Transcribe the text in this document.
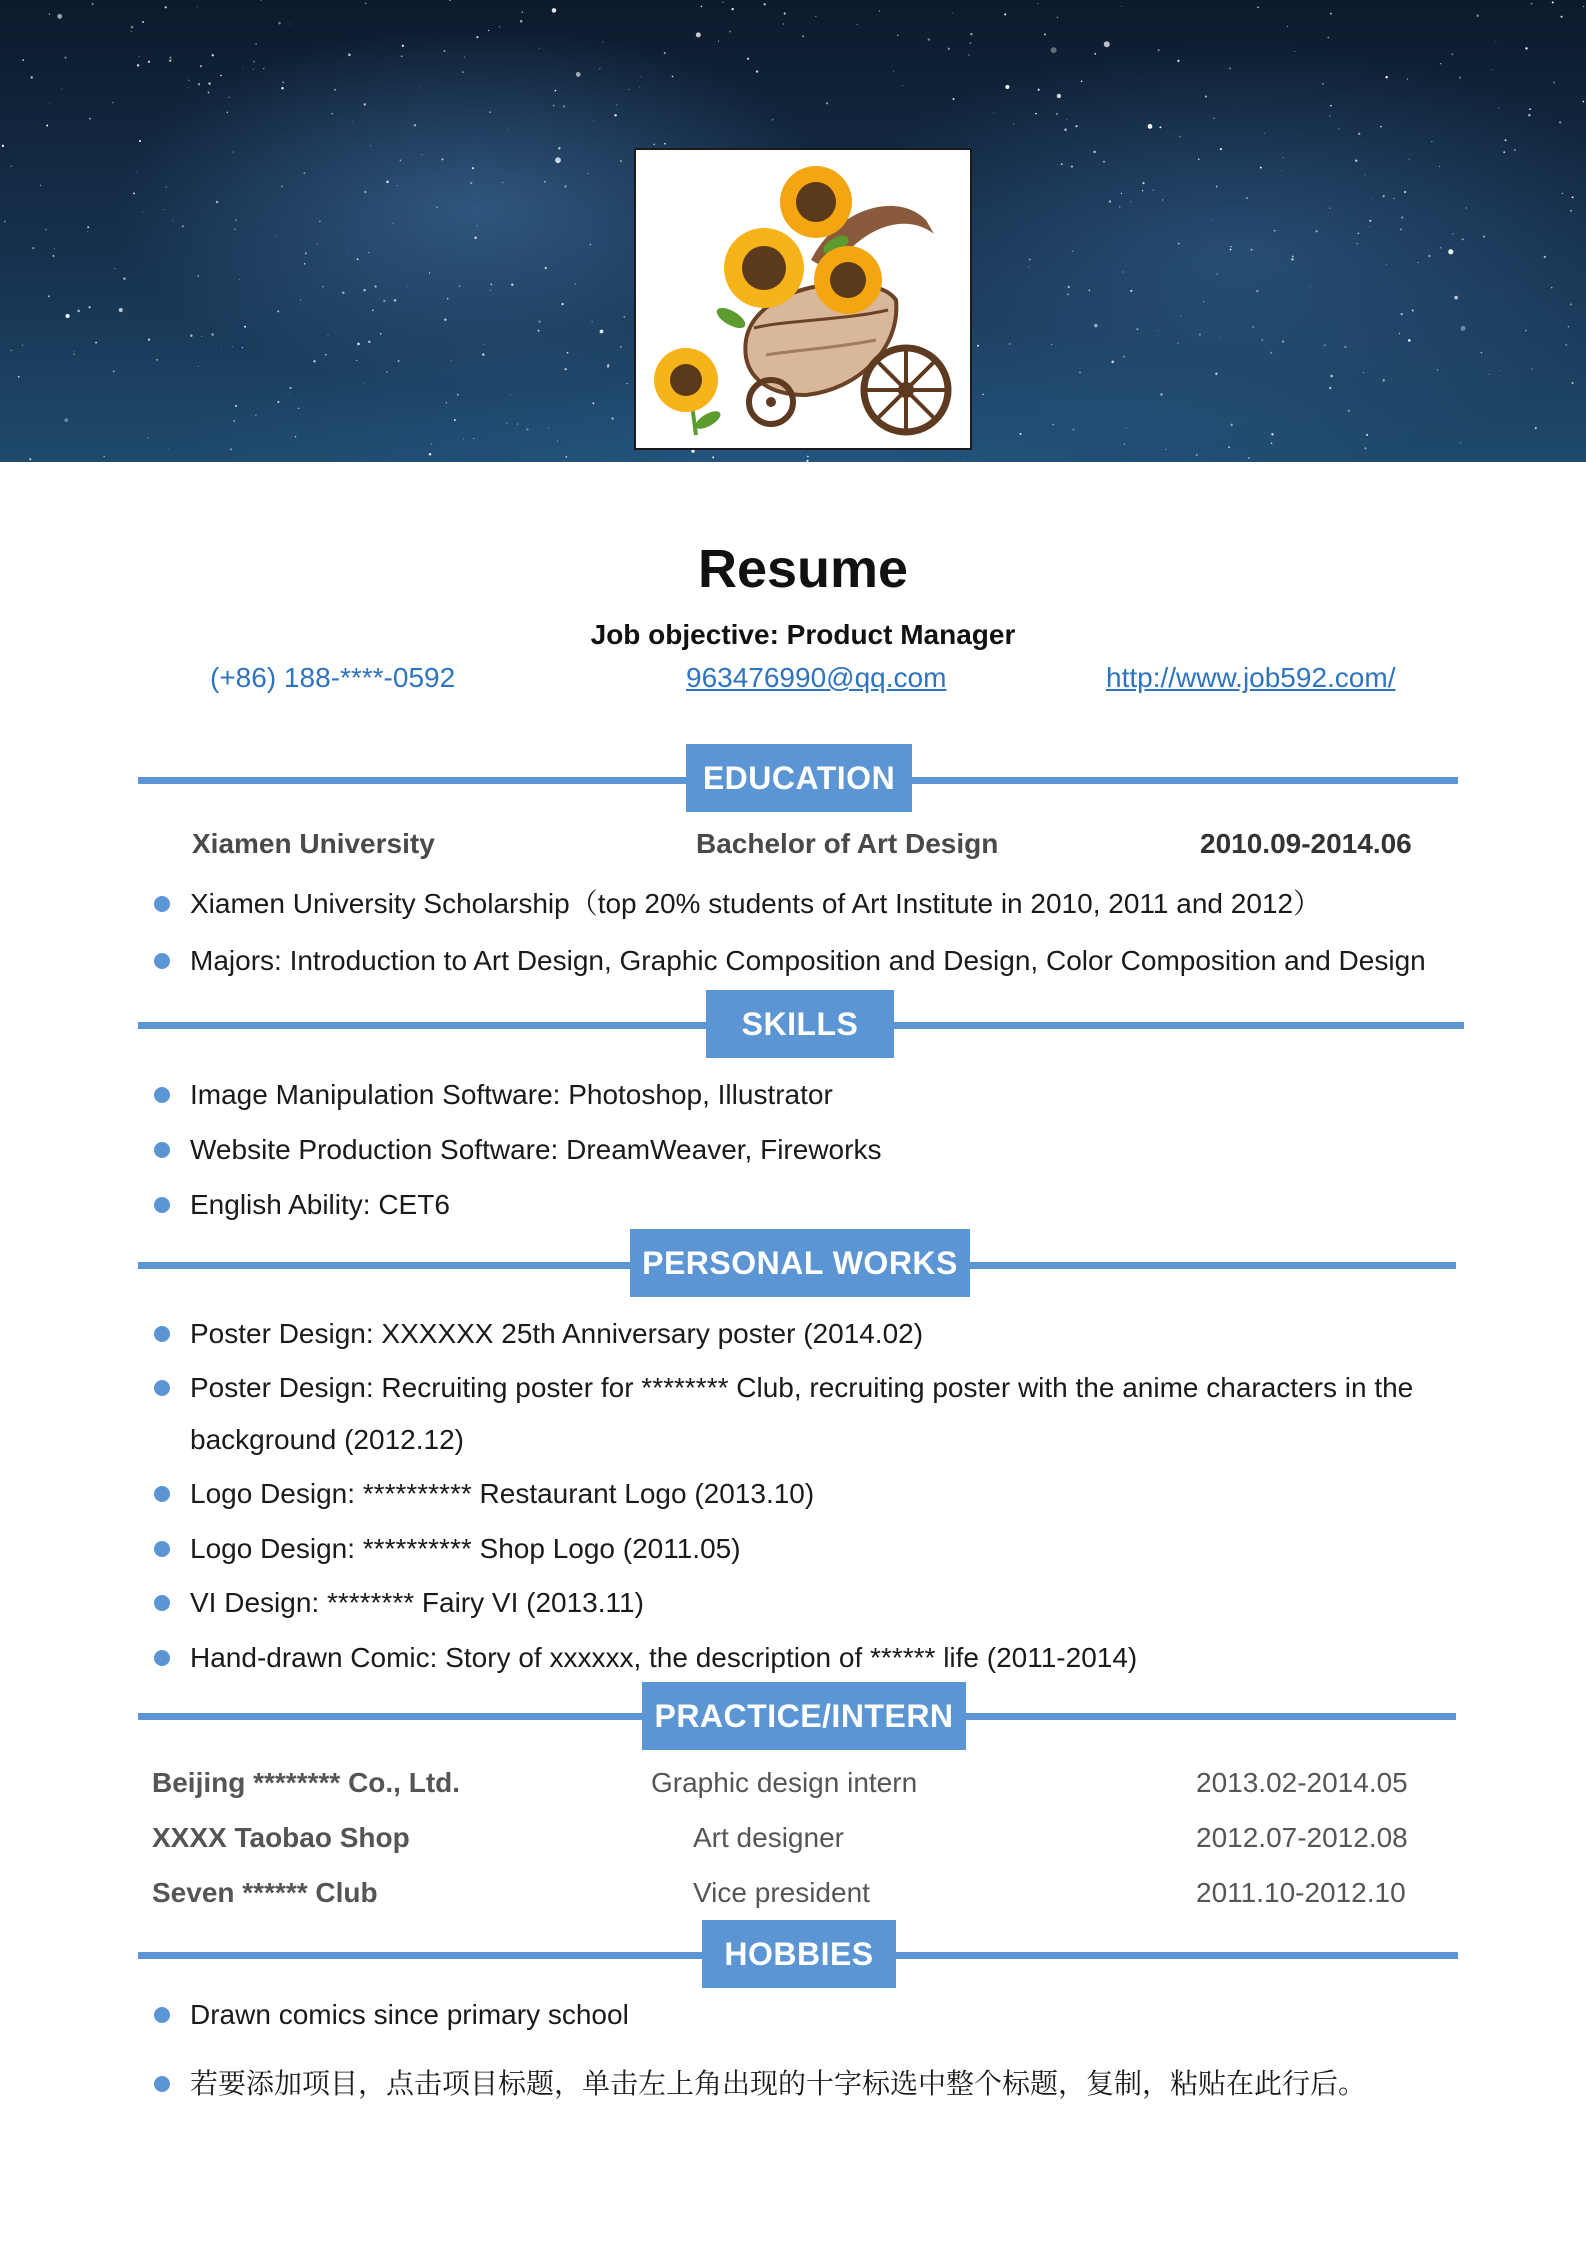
Resume
Job objective: Product Manager
(+86) 188-****-0592	963476990@qq.com	http://www.job592.com/
EDUCATION
Xiamen University	Bachelor of Art Design	2010.09-2014.06
Xiamen University Scholarship（top 20% students of Art Institute in 2010, 2011 and 2012）
Majors: Introduction to Art Design, Graphic Composition and Design, Color Composition and Design
SKILLS
Image Manipulation Software: Photoshop, Illustrator
Website Production Software: DreamWeaver, Fireworks
English Ability: CET6
PERSONAL WORKS
Poster Design: XXXXXX 25th Anniversary poster (2014.02)
Poster Design: Recruiting poster for ******** Club, recruiting poster with the anime characters in the
background (2012.12)
Logo Design: ********** Restaurant Logo (2013.10)
Logo Design: ********** Shop Logo (2011.05)
VI Design: ******** Fairy VI (2013.11)
Hand-drawn Comic: Story of xxxxxx, the description of ****** life (2011-2014)
PRACTICE/INTERN
Beijing ******** Co., Ltd.	Graphic design intern	2013.02-2014.05
XXXX Taobao Shop	Art designer	2012.07-2012.08
Seven ****** Club	Vice president	2011.10-2012.10
HOBBIES
Drawn comics since primary school
若要添加项目，点击项目标题，单击左上角出现的十字标选中整个标题，复制，粘贴在此行后。
